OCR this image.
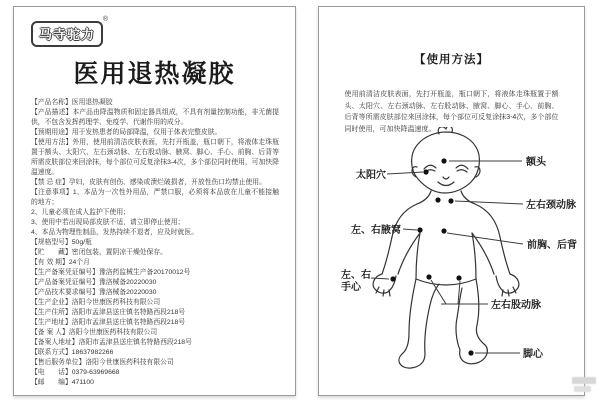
马寺驼力
®
医用退热凝胶

【产品名称】医用退热凝胶

【产品描述】本产品由降温物质和固定器具组成，不具有剂量控制功能，非无菌提供，不包含发挥药理学、免疫学、代谢作用的成分。

【预期用途】用于发热患者的局部降温，仅用于体表完整皮肤。

【使用方法】外用，使用前清洁皮肤表面，先打开瓶盖，瓶口朝下，将液体走珠瓶置于额头、太阳穴、左右颈动脉、左右股动脉、腋窝、脚心、手心、前胸、后背等所需皮肤部位来回涂抹，每个部位可反复涂抹3-4次，多个部位同时使用，可加快降温速度。

【禁 忌 症】孕妇，皮肤有创伤、感染或溃烂破损者，开放性伤口均禁止使用。

【注意事项】1、本品为一次性外用品，严禁口服，必须将本品放在儿童不能接触的地方；

2、儿童必须在成人监护下使用；

3、使用中若出现局部皮肤不适，请立即停止使用；

4、本品为物理性制品，发热持续不退者，应及时就医。

【规格型号】50g/瓶

【贮　　藏】密闭包装，置阴凉干燥处保存。

【有 效 期】24个月

【生产备案凭证编号】豫洛药监械生产备20170012号

【产品备案凭证编号】豫洛械备20220030

【产品技术要求编号】豫洛械备20220030

【生产企业】洛阳今世康医药科技有限公司

【生产住所】洛阳市孟津县送庄镇名特路西段218号

【生产地址】洛阳市孟津县送庄镇名特路西段218号

【备 案 人】洛阳今世康医药科技有限公司

【备案人地址】洛阳市孟津县送庄镇名特路西段218号

【联系方式】18637982266

【售后服务单位】洛阳今世康医药科技有限公司

【电　　话】0379-63969668

【邮　　编】471100

【使用方法】

使用前清洁皮肤表面，先打开瓶盖，瓶口朝下，将液体走珠瓶置于额头、太阳穴、左右颈动脉、左右股动脉、腋窝、脚心、手心、前胸、后背等所需皮肤部位来回涂抹，每个部位可反复涂抹3-4次，多个部位同时使用，可加快降温速度。

额头
太阳穴
左右颈动脉
左、右腋窝
前胸、后背
左、右
手心
左右股动脉
脚心
